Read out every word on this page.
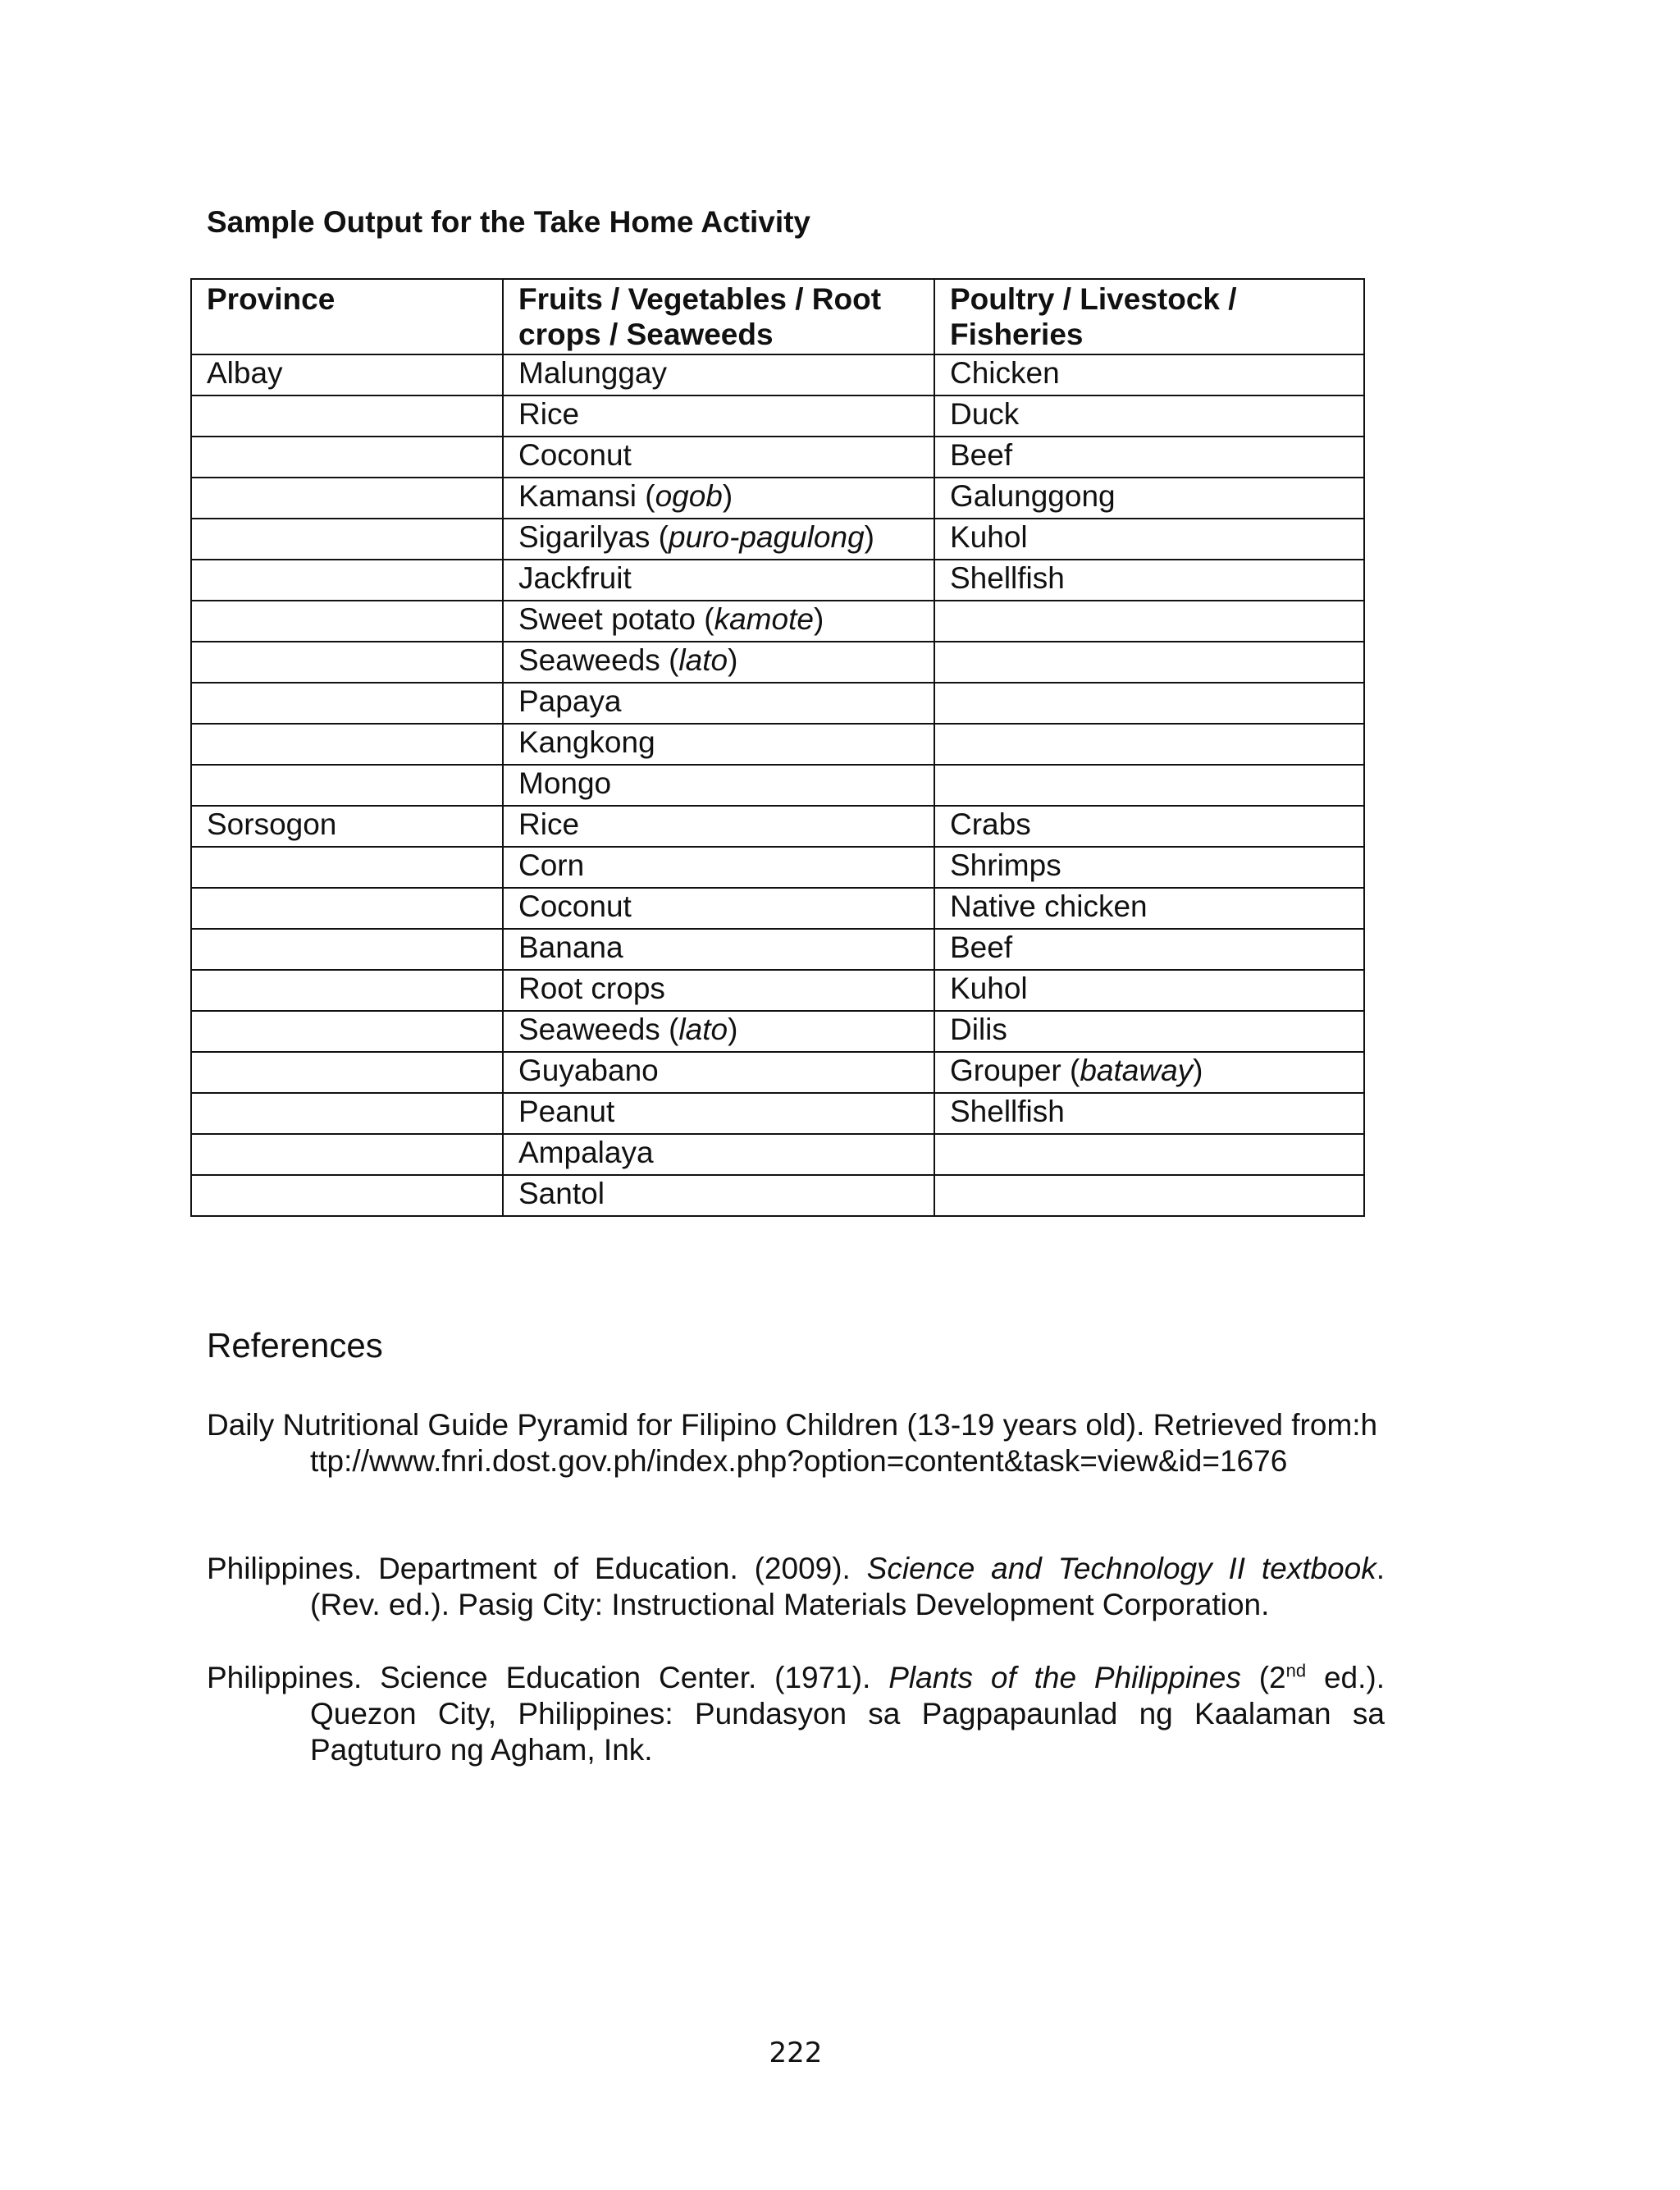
Sample Output for the Take Home Activity
Province	Fruits / Vegetables / Root crops / Seaweeds	Poultry / Livestock / Fisheries
Albay	Malunggay	Chicken
	Rice	Duck
	Coconut	Beef
	Kamansi (ogob)	Galunggong
	Sigarilyas (puro-pagulong)	Kuhol
	Jackfruit	Shellfish
	Sweet potato (kamote)	
	Seaweeds (lato)	
	Papaya	
	Kangkong	
	Mongo	
Sorsogon	Rice	Crabs
	Corn	Shrimps
	Coconut	Native chicken
	Banana	Beef
	Root crops	Kuhol
	Seaweeds (lato)	Dilis
	Guyabano	Grouper (bataway)
	Peanut	Shellfish
	Ampalaya	
	Santol	
References

Daily Nutritional Guide Pyramid for Filipino Children (13-19 years old). Retrieved from:http://www.fnri.dost.gov.ph/index.php?option=content&task=view&id=1676

Philippines. Department of Education. (2009). Science and Technology II textbook. (Rev. ed.). Pasig City: Instructional Materials Development Corporation.

Philippines. Science Education Center. (1971). Plants of the Philippines (2nd ed.). Quezon City, Philippines: Pundasyon sa Pagpapaunlad ng Kaalaman sa Pagtuturo ng Agham, Ink.

222
